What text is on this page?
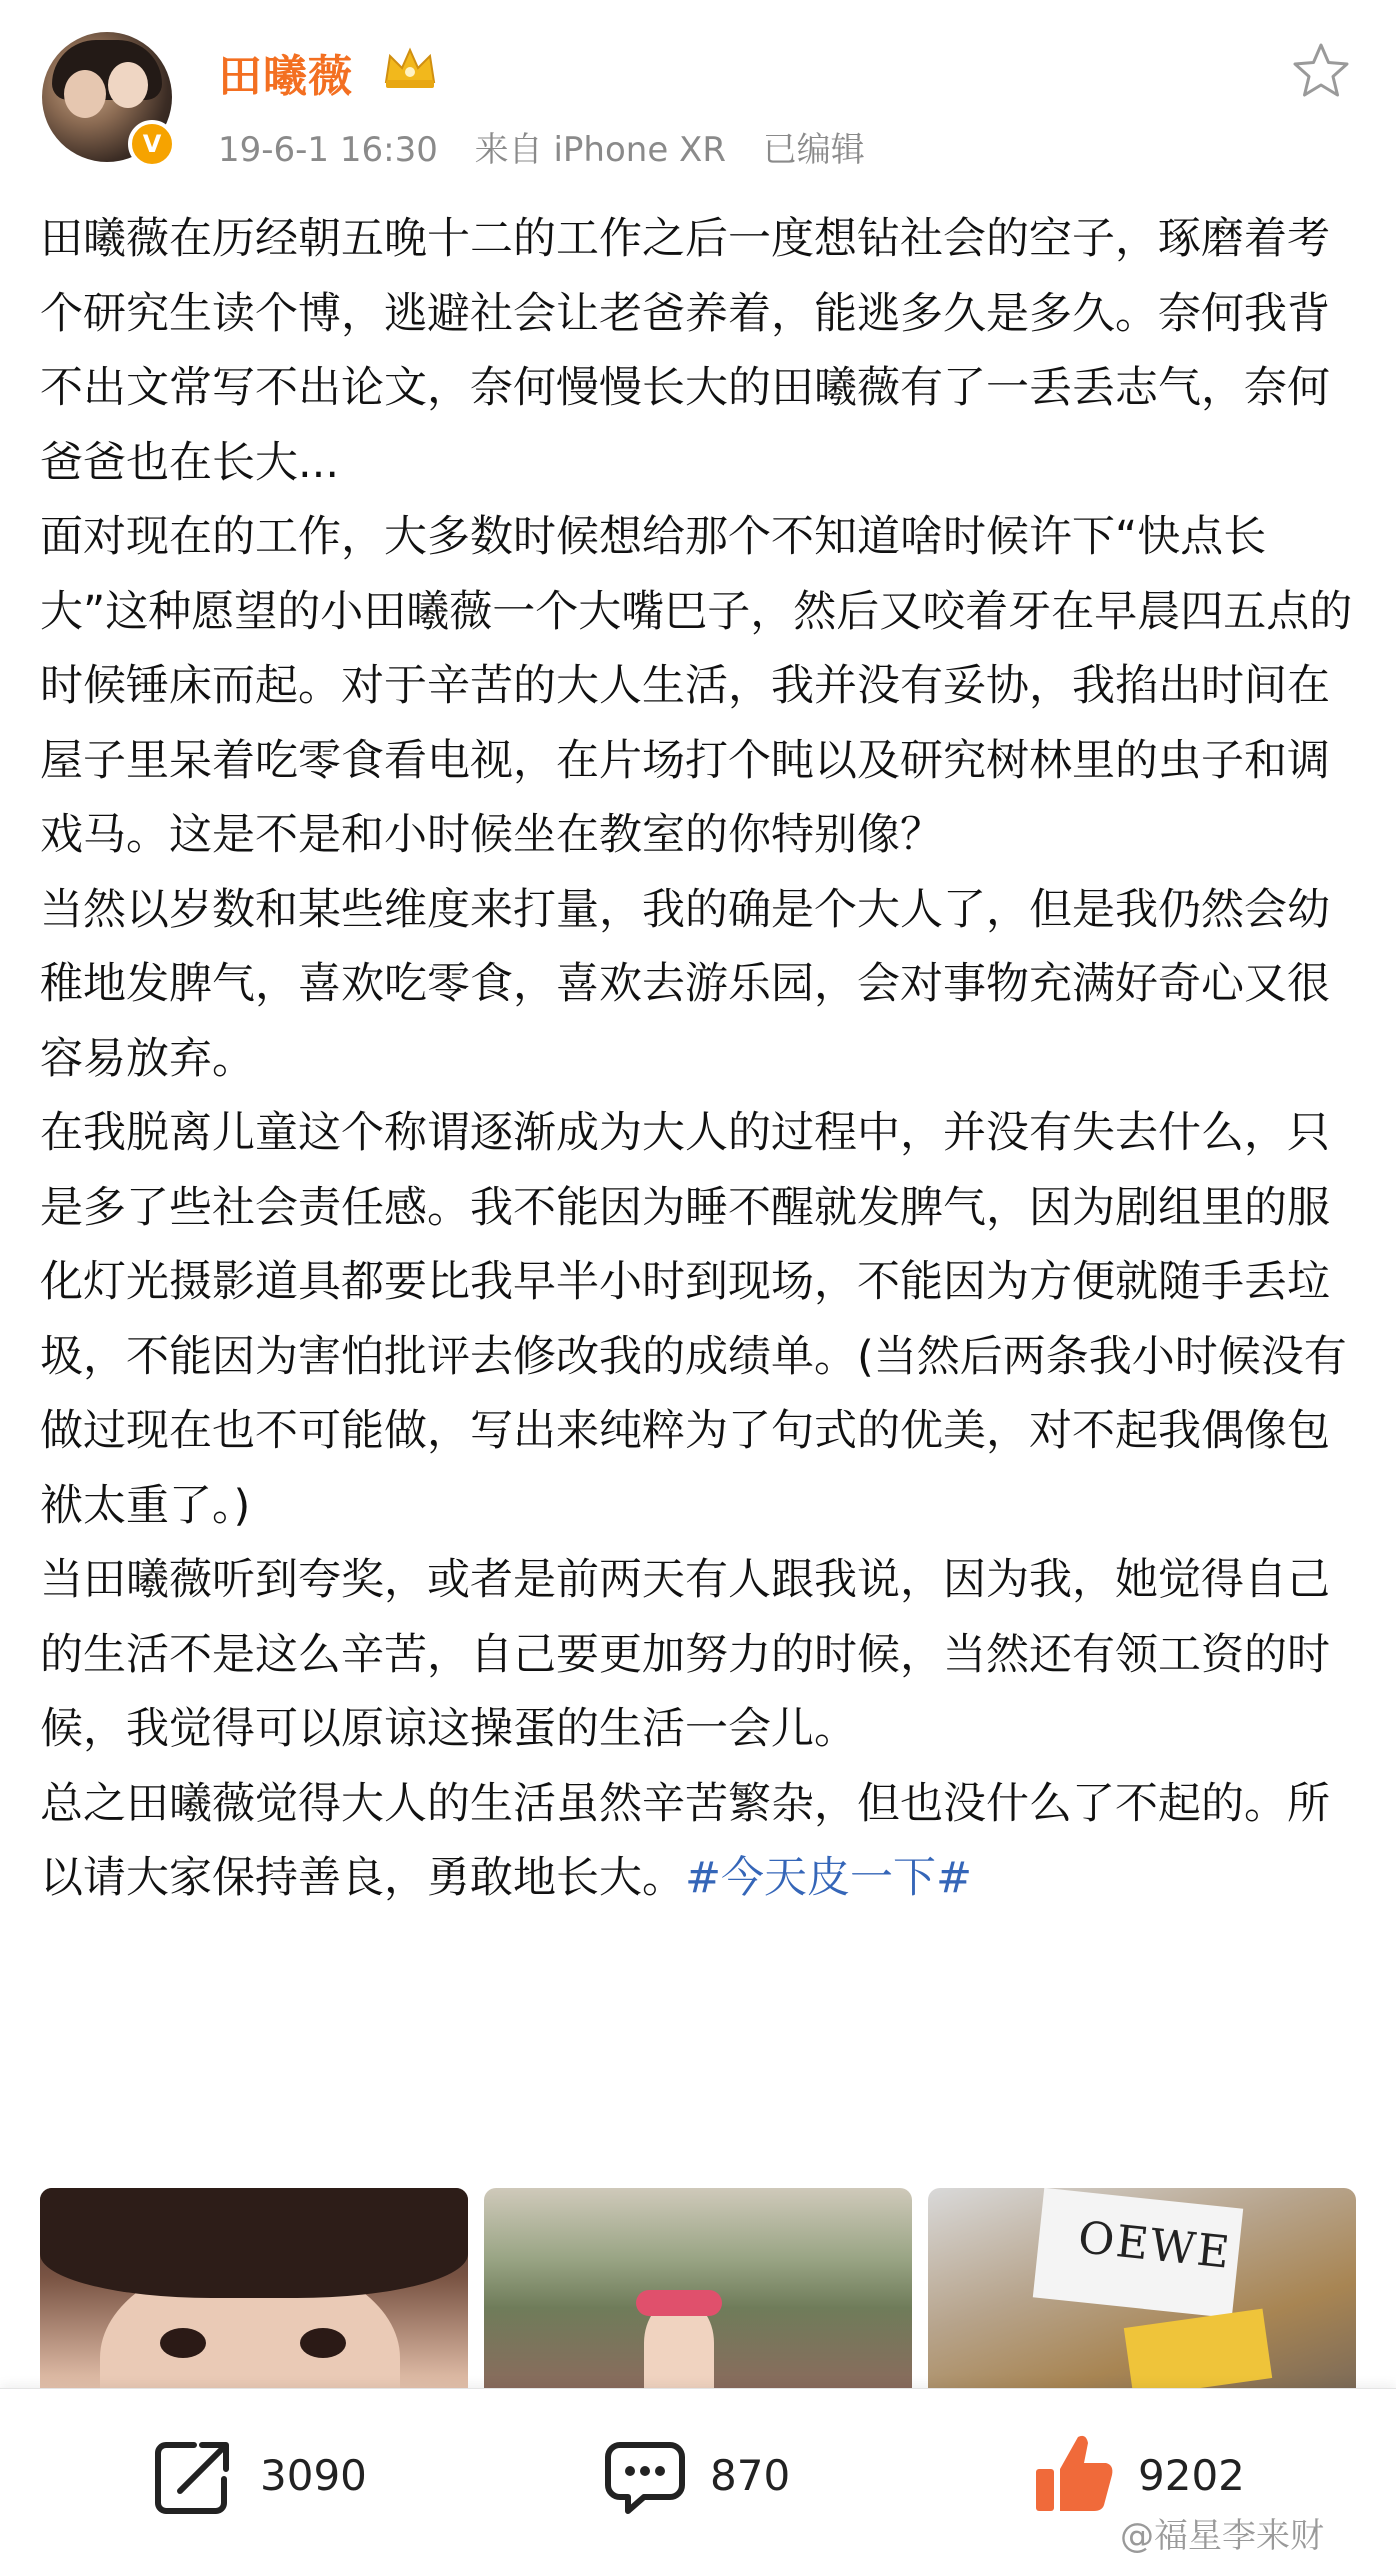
V
田曦薇
19-6-1 16:30 来自 iPhone XR 已编辑

田曦薇在历经朝五晚十二的工作之后一度想钻社会的空子，琢磨着考个研究生读个博，逃避社会让老爸养着，能逃多久是多久。奈何我背不出文常写不出论文，奈何慢慢长大的田曦薇有了一丢丢志气，奈何爸爸也在长大...

面对现在的工作，大多数时候想给那个不知道啥时候许下“快点长大”这种愿望的小田曦薇一个大嘴巴子，然后又咬着牙在早晨四五点的时候锤床而起。对于辛苦的大人生活，我并没有妥协，我掐出时间在屋子里呆着吃零食看电视，在片场打个盹以及研究树林里的虫子和调戏马。这是不是和小时候坐在教室的你特别像？

当然以岁数和某些维度来打量，我的确是个大人了，但是我仍然会幼稚地发脾气，喜欢吃零食，喜欢去游乐园，会对事物充满好奇心又很容易放弃。

在我脱离儿童这个称谓逐渐成为大人的过程中，并没有失去什么，只是多了些社会责任感。我不能因为睡不醒就发脾气，因为剧组里的服化灯光摄影道具都要比我早半小时到现场，不能因为方便就随手丢垃圾，不能因为害怕批评去修改我的成绩单。(当然后两条我小时候没有做过现在也不可能做，写出来纯粹为了句式的优美，对不起我偶像包袱太重了。)

当田曦薇听到夸奖，或者是前两天有人跟我说，因为我，她觉得自己的生活不是这么辛苦，自己要更加努力的时候，当然还有领工资的时候，我觉得可以原谅这操蛋的生活一会儿。

总之田曦薇觉得大人的生活虽然辛苦繁杂，但也没什么了不起的。所以请大家保持善良，勇敢地长大。#今天皮一下#

OEWE
3090	870	9202
@福星李来财
